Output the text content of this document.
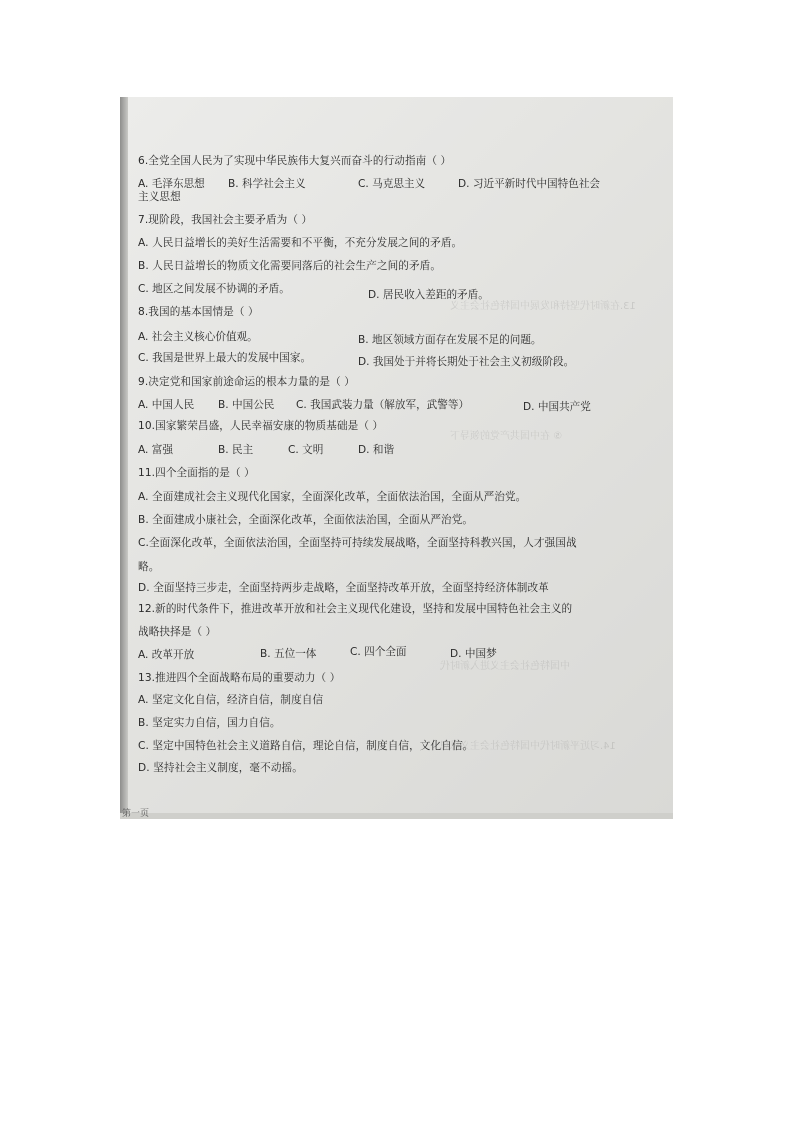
13.在新时代坚持和发展中国特色社会主义
⑤ 在中国共产党的领导下
中国特色社会主义进入新时代
14.习近平新时代中国特色社会主义思想
6.全党全国人民为了实现中华民族伟大复兴而奋斗的行动指南（ ）
A. 毛泽东思想 B. 科学社会主义	C. 马克思主义	D. 习近平新时代中国特色社会
主义思想
7.现阶段，我国社会主要矛盾为（ ）
A. 人民日益增长的美好生活需要和不平衡，不充分发展之间的矛盾。
B. 人民日益增长的物质文化需要同落后的社会生产之间的矛盾。
C. 地区之间发展不协调的矛盾。	D. 居民收入差距的矛盾。
8.我国的基本国情是（ ）
A. 社会主义核心价值观。	B. 地区领域方面存在发展不足的问题。
C. 我国是世界上最大的发展中国家。	D. 我国处于并将长期处于社会主义初级阶段。
9.决定党和国家前途命运的根本力量的是（ ）
A. 中国人民 B. 中国公民 C. 我国武装力量（解放军，武警等）	D. 中国共产党
10.国家繁荣昌盛，人民幸福安康的物质基础是（ ）
A. 富强	B. 民主	C. 文明	D. 和谐
11.四个全面指的是（ ）
A. 全面建成社会主义现代化国家，全面深化改革，全面依法治国，全面从严治党。
B. 全面建成小康社会，全面深化改革，全面依法治国，全面从严治党。
C.全面深化改革，全面依法治国，全面坚持可持续发展战略，全面坚持科教兴国，人才强国战
略。
D. 全面坚持三步走，全面坚持两步走战略，全面坚持改革开放，全面坚持经济体制改革
12.新的时代条件下，推进改革开放和社会主义现代化建设，坚持和发展中国特色社会主义的
战略抉择是（ ）
A. 改革开放	B. 五位一体	C. 四个全面	D. 中国梦
13.推进四个全面战略布局的重要动力（ ）
A. 坚定文化自信，经济自信，制度自信
B. 坚定实力自信，国力自信。
C. 坚定中国特色社会主义道路自信，理论自信，制度自信，文化自信。
D. 坚持社会主义制度，毫不动摇。
第一页
